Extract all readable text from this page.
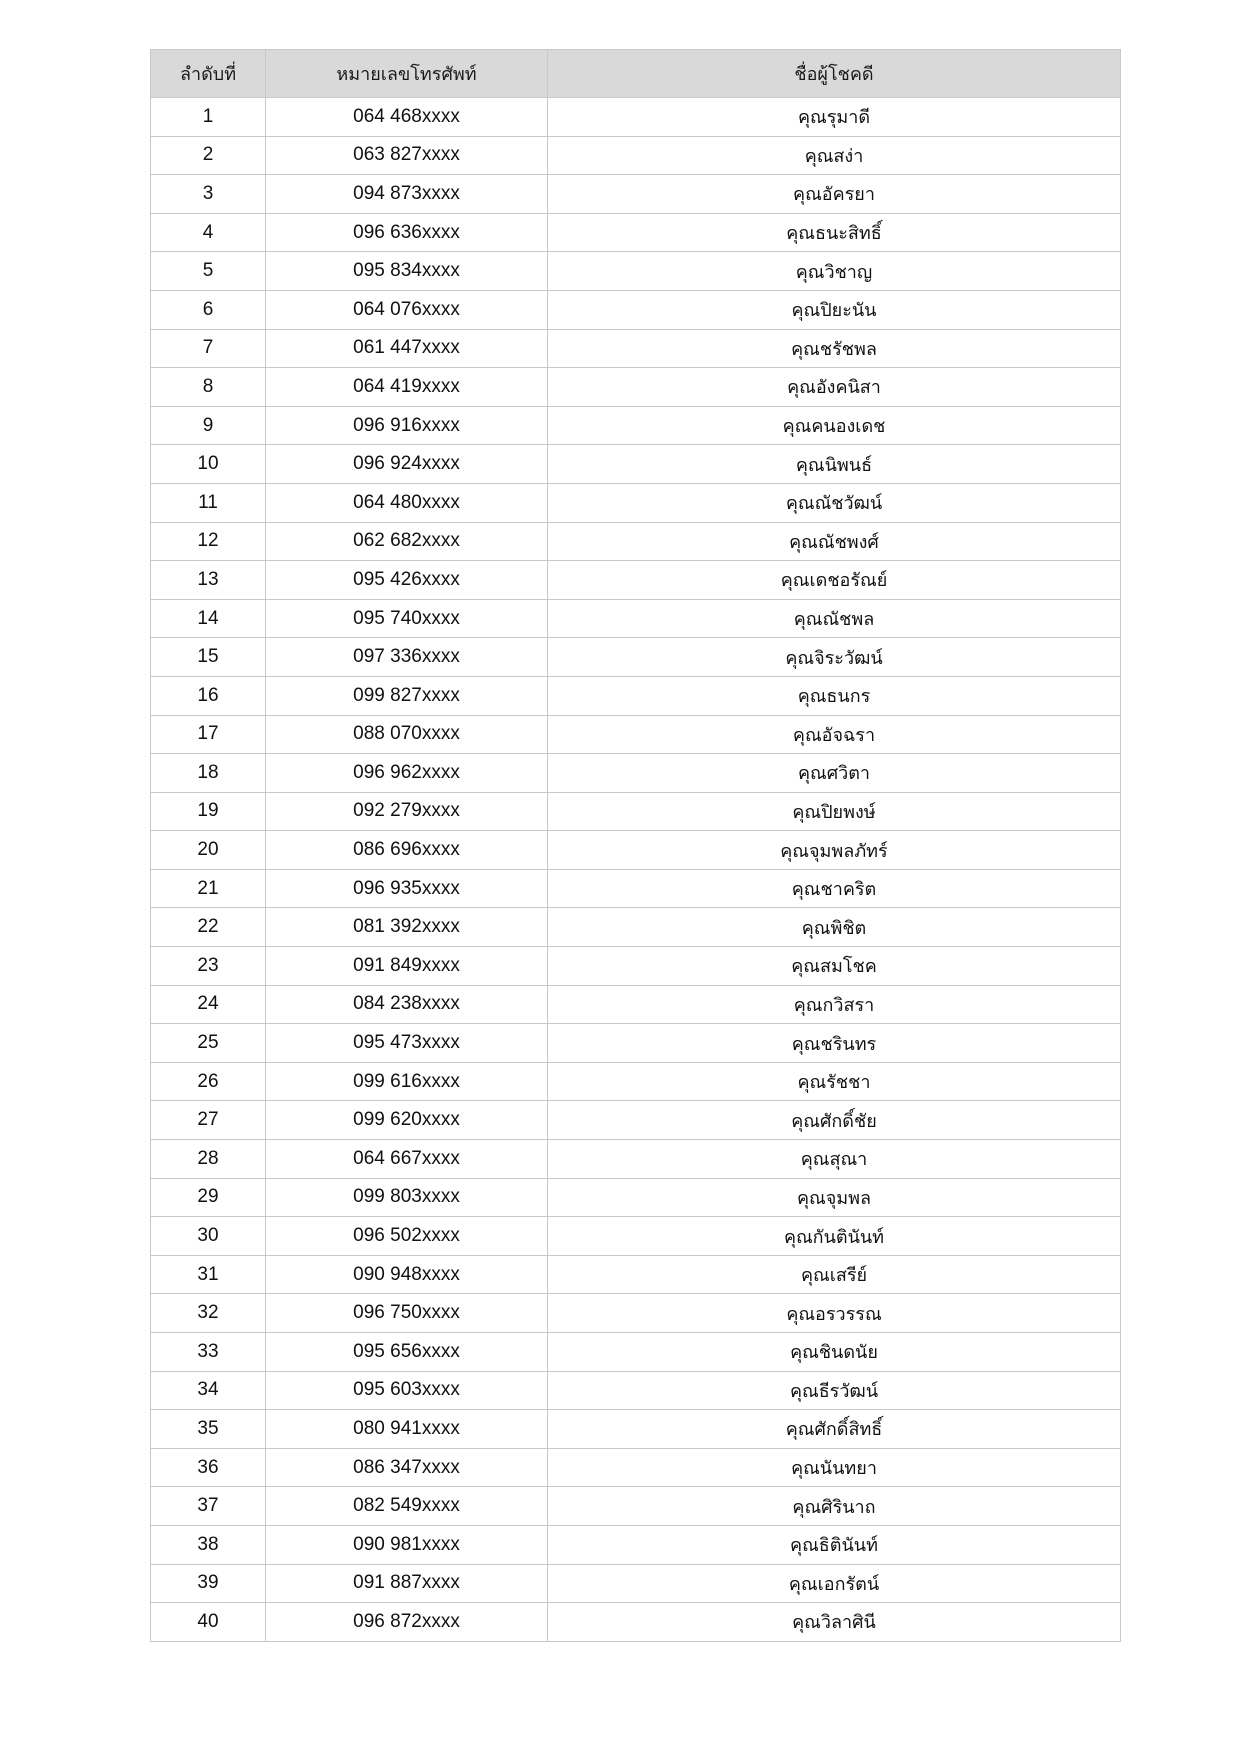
ลำดับที่	หมายเลขโทรศัพท์	ชื่อผู้โชคดี
1	064 468xxxx	คุณรุมาดี
2	063 827xxxx	คุณสง่า
3	094 873xxxx	คุณอัครยา
4	096 636xxxx	คุณธนะสิทธิ์
5	095 834xxxx	คุณวิชาญ
6	064 076xxxx	คุณปิยะนัน
7	061 447xxxx	คุณชรัชพล
8	064 419xxxx	คุณอังคนิสา
9	096 916xxxx	คุณคนองเดช
10	096 924xxxx	คุณนิพนธ์
11	064 480xxxx	คุณณัชวัฒน์
12	062 682xxxx	คุณณัชพงศ์
13	095 426xxxx	คุณเดชอรัณย์
14	095 740xxxx	คุณณัชพล
15	097 336xxxx	คุณจิระวัฒน์
16	099 827xxxx	คุณธนกร
17	088 070xxxx	คุณอัจฉรา
18	096 962xxxx	คุณศวิตา
19	092 279xxxx	คุณปิยพงษ์
20	086 696xxxx	คุณจุมพลภัทร์
21	096 935xxxx	คุณชาคริต
22	081 392xxxx	คุณพิชิต
23	091 849xxxx	คุณสมโชค
24	084 238xxxx	คุณกวิสรา
25	095 473xxxx	คุณชรินทร
26	099 616xxxx	คุณรัชชา
27	099 620xxxx	คุณศักดิ์ชัย
28	064 667xxxx	คุณสุณา
29	099 803xxxx	คุณจุมพล
30	096 502xxxx	คุณกันตินันท์
31	090 948xxxx	คุณเสรีย์
32	096 750xxxx	คุณอรวรรณ
33	095 656xxxx	คุณชินดนัย
34	095 603xxxx	คุณธีรวัฒน์
35	080 941xxxx	คุณศักดิ์สิทธิ์
36	086 347xxxx	คุณนันทยา
37	082 549xxxx	คุณศิรินาถ
38	090 981xxxx	คุณธิตินันท์
39	091 887xxxx	คุณเอกรัตน์
40	096 872xxxx	คุณวิลาศินี
